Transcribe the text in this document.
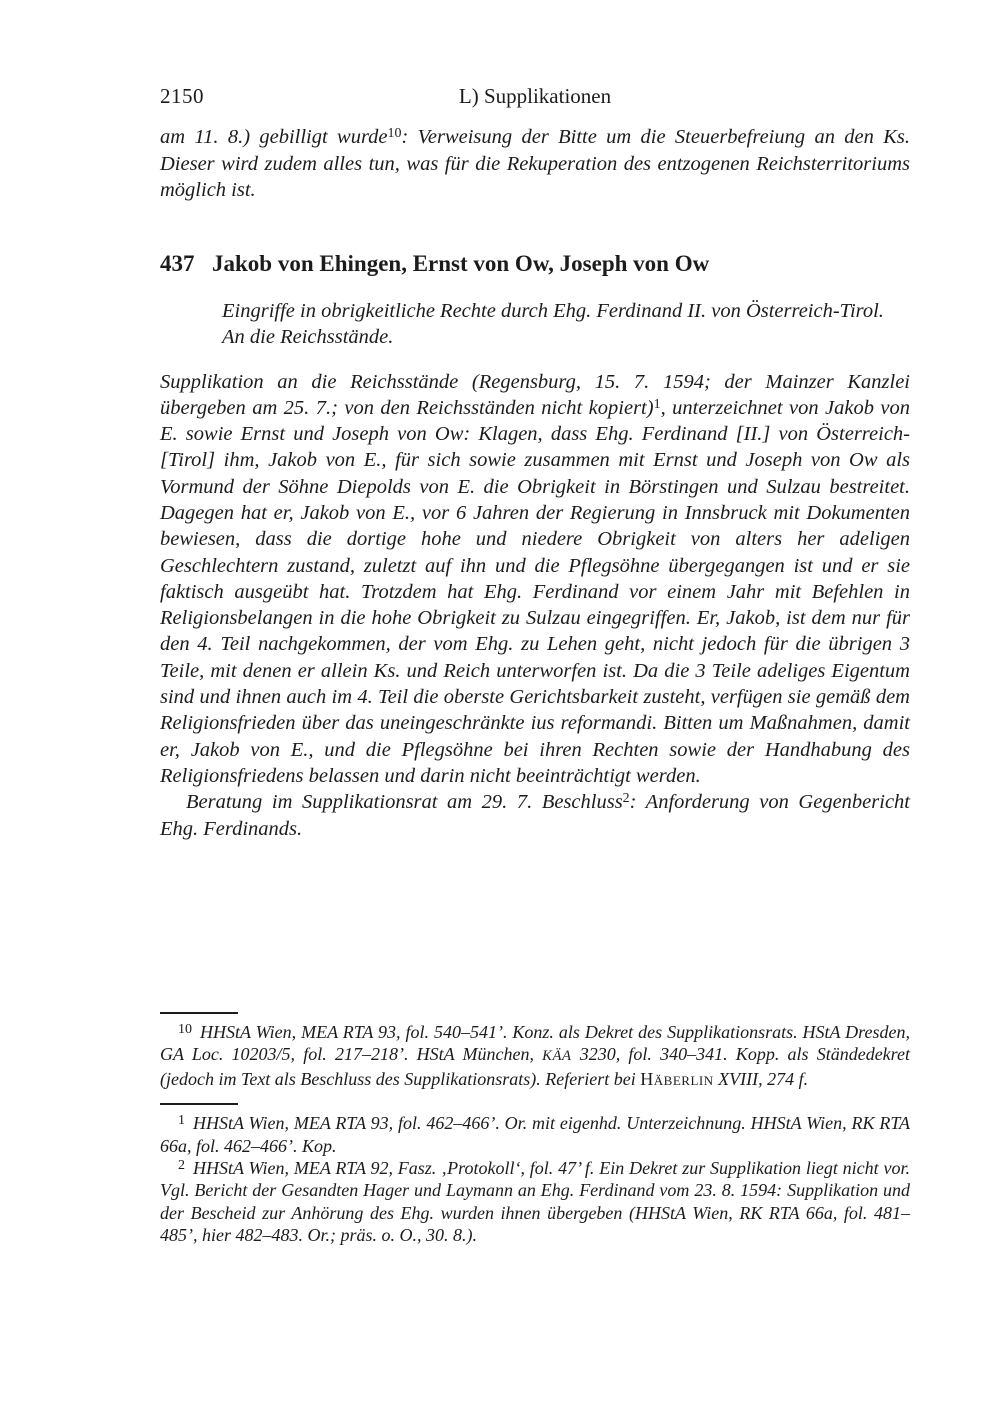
2150	L) Supplikationen

am 11. 8.) gebilligt wurde$^{10}$: Verweisung der Bitte um die Steuerbefreiung an den Ks. Dieser wird zudem alles tun, was für die Rekuperation des entzogenen Reichsterritoriums möglich ist.

437 Jakob von Ehingen, Ernst von Ow, Joseph von Ow

Eingriffe in obrigkeitliche Rechte durch Ehg. Ferdinand II. von Österreich-Tirol. An die Reichsstände.

Supplikation an die Reichsstände (Regensburg, 15. 7. 1594; der Mainzer Kanzlei übergeben am 25. 7.; von den Reichsständen nicht kopiert)$^1$, unterzeichnet von Jakob von E. sowie Ernst und Joseph von Ow: Klagen, dass Ehg. Ferdinand [II.] von Österreich-[Tirol] ihm, Jakob von E., für sich sowie zusammen mit Ernst und Joseph von Ow als Vormund der Söhne Diepolds von E. die Obrigkeit in Börstingen und Sulzau bestreitet. Dagegen hat er, Jakob von E., vor 6 Jahren der Regierung in Innsbruck mit Dokumenten bewiesen, dass die dortige hohe und niedere Obrigkeit von alters her adeligen Geschlechtern zustand, zuletzt auf ihn und die Pflegsöhne übergegangen ist und er sie faktisch ausgeübt hat. Trotzdem hat Ehg. Ferdinand vor einem Jahr mit Befehlen in Religionsbelangen in die hohe Obrigkeit zu Sulzau eingegriffen. Er, Jakob, ist dem nur für den 4. Teil nachgekommen, der vom Ehg. zu Lehen geht, nicht jedoch für die übrigen 3 Teile, mit denen er allein Ks. und Reich unterworfen ist. Da die 3 Teile adeliges Eigentum sind und ihnen auch im 4. Teil die oberste Gerichtsbarkeit zusteht, verfügen sie gemäß dem Religionsfrieden über das uneingeschränkte ius reformandi. Bitten um Maßnahmen, damit er, Jakob von E., und die Pflegsöhne bei ihren Rechten sowie der Handhabung des Religionsfriedens belassen und darin nicht beeinträchtigt werden.

Beratung im Supplikationsrat am 29. 7. Beschluss$^2$: Anforderung von Gegenbericht Ehg. Ferdinands.

$^{10}$ HHStA Wien, MEA RTA 93, fol. 540–541’. Konz. als Dekret des Supplikationsrats. HStA Dresden, GA Loc. 10203/5, fol. 217–218’. HStA München, KÄA 3230, fol. 340–341. Kopp. als Ständedekret (jedoch im Text als Beschluss des Supplikationsrats). Referiert bei Häberlin XVIII, 274 f.

$^1$ HHStA Wien, MEA RTA 93, fol. 462–466’. Or. mit eigenhd. Unterzeichnung. HHStA Wien, RK RTA 66a, fol. 462–466’. Kop.

$^2$ HHStA Wien, MEA RTA 92, Fasz. ‚Protokoll‘, fol. 47’ f. Ein Dekret zur Supplikation liegt nicht vor. Vgl. Bericht der Gesandten Hager und Laymann an Ehg. Ferdinand vom 23. 8. 1594: Supplikation und der Bescheid zur Anhörung des Ehg. wurden ihnen übergeben (HHStA Wien, RK RTA 66a, fol. 481–485’, hier 482–483. Or.; präs. o. O., 30. 8.).
